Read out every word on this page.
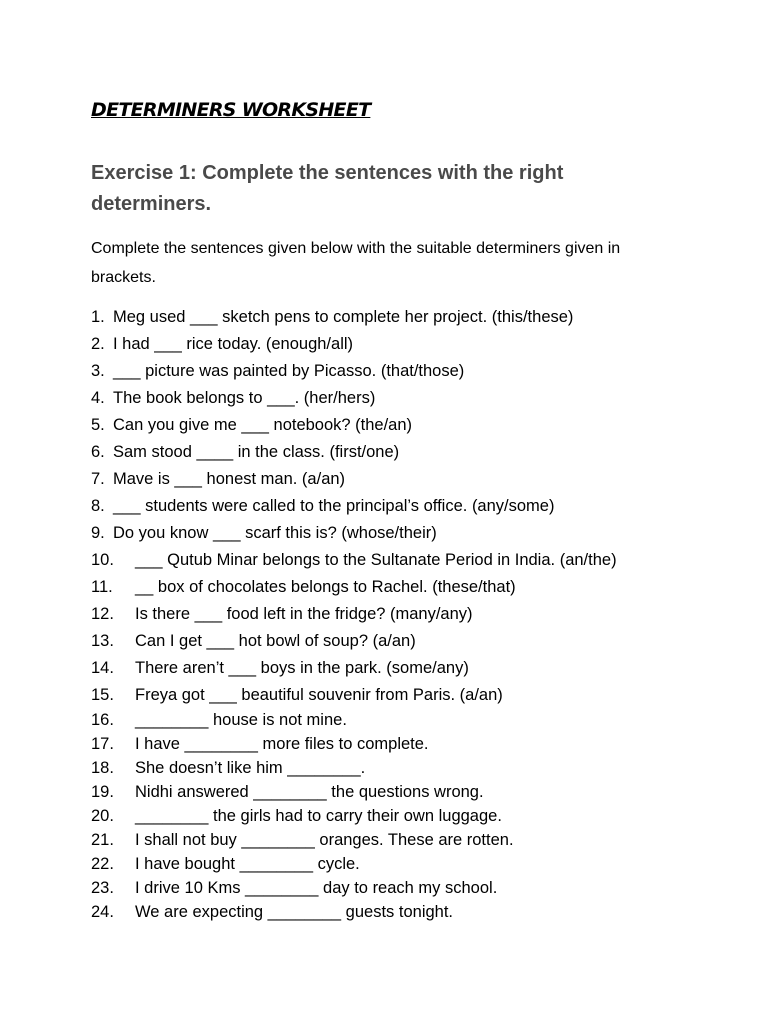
DETERMINERS WORKSHEET
Exercise 1: Complete the sentences with the right determiners.

Complete the sentences given below with the suitable determiners given in brackets.

1. Meg used ___ sketch pens to complete her project. (this/these)
2. I had ___ rice today. (enough/all)
3. ___ picture was painted by Picasso. (that/those)
4. The book belongs to ___. (her/hers)
5. Can you give me ___ notebook? (the/an)
6. Sam stood ____ in the class. (first/one)
7. Mave is ___ honest man. (a/an)
8. ___ students were called to the principal’s office. (any/some)
9. Do you know ___ scarf this is? (whose/their)
10. ___ Qutub Minar belongs to the Sultanate Period in India. (an/the)
11. __ box of chocolates belongs to Rachel. (these/that)
12. Is there ___ food left in the fridge? (many/any)
13. Can I get ___ hot bowl of soup? (a/an)
14. There aren’t ___ boys in the park. (some/any)
15. Freya got ___ beautiful souvenir from Paris. (a/an)
16. ________ house is not mine.
17. I have ________ more files to complete.
18. She doesn’t like him ________.
19. Nidhi answered ________ the questions wrong.
20. ________ the girls had to carry their own luggage.
21. I shall not buy ________ oranges. These are rotten.
22. I have bought ________ cycle.
23. I drive 10 Kms ________ day to reach my school.
24. We are expecting ________ guests tonight.
